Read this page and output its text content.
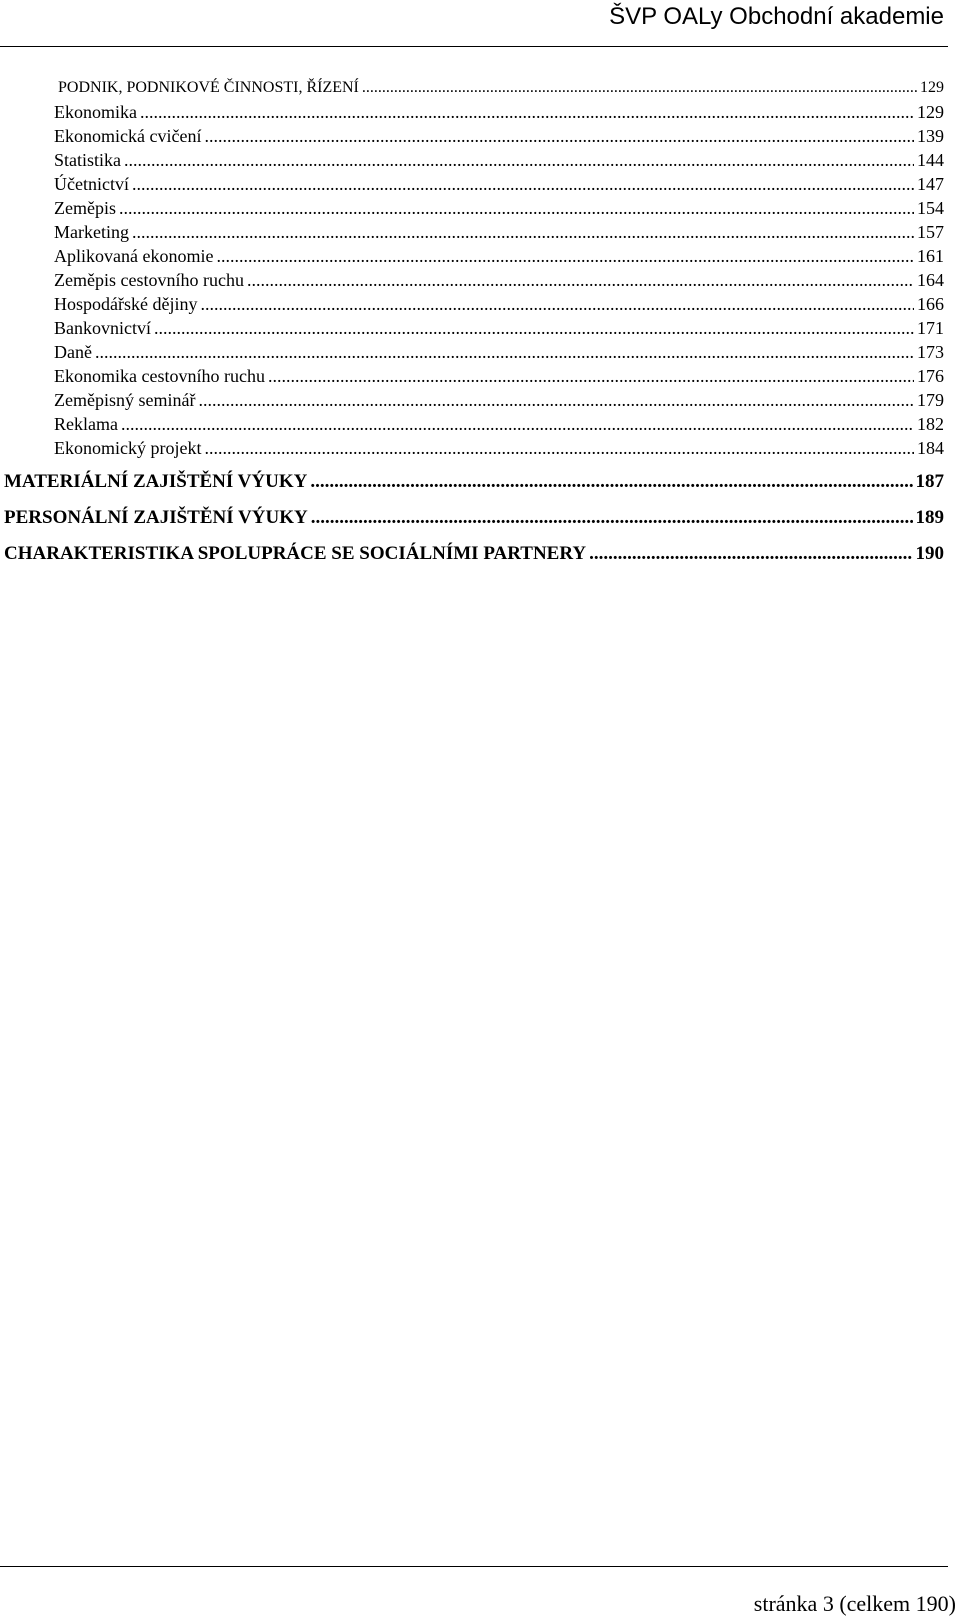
ŠVP OALy Obchodní akademie
PODNIK, PODNIKOVÉ ČINNOSTI, ŘÍZENÍ .....	129
Ekonomika .....	129
Ekonomická cvičení .....	139
Statistika .....	144
Účetnictví .....	147
Zeměpis .....	154
Marketing .....	157
Aplikovaná ekonomie .....	161
Zeměpis cestovního ruchu .....	164
Hospodářské dějiny .....	166
Bankovnictví .....	171
Daně .....	173
Ekonomika cestovního ruchu .....	176
Zeměpisný seminář .....	179
Reklama .....	182
Ekonomický projekt .....	184
MATERIÁLNÍ ZAJIŠTĚNÍ VÝUKY .....	187
PERSONÁLNÍ ZAJIŠTĚNÍ VÝUKY .....	189
CHARAKTERISTIKA SPOLUPRÁCE SE SOCIÁLNÍMI PARTNERY .....	190
stránka 3 (celkem 190)
